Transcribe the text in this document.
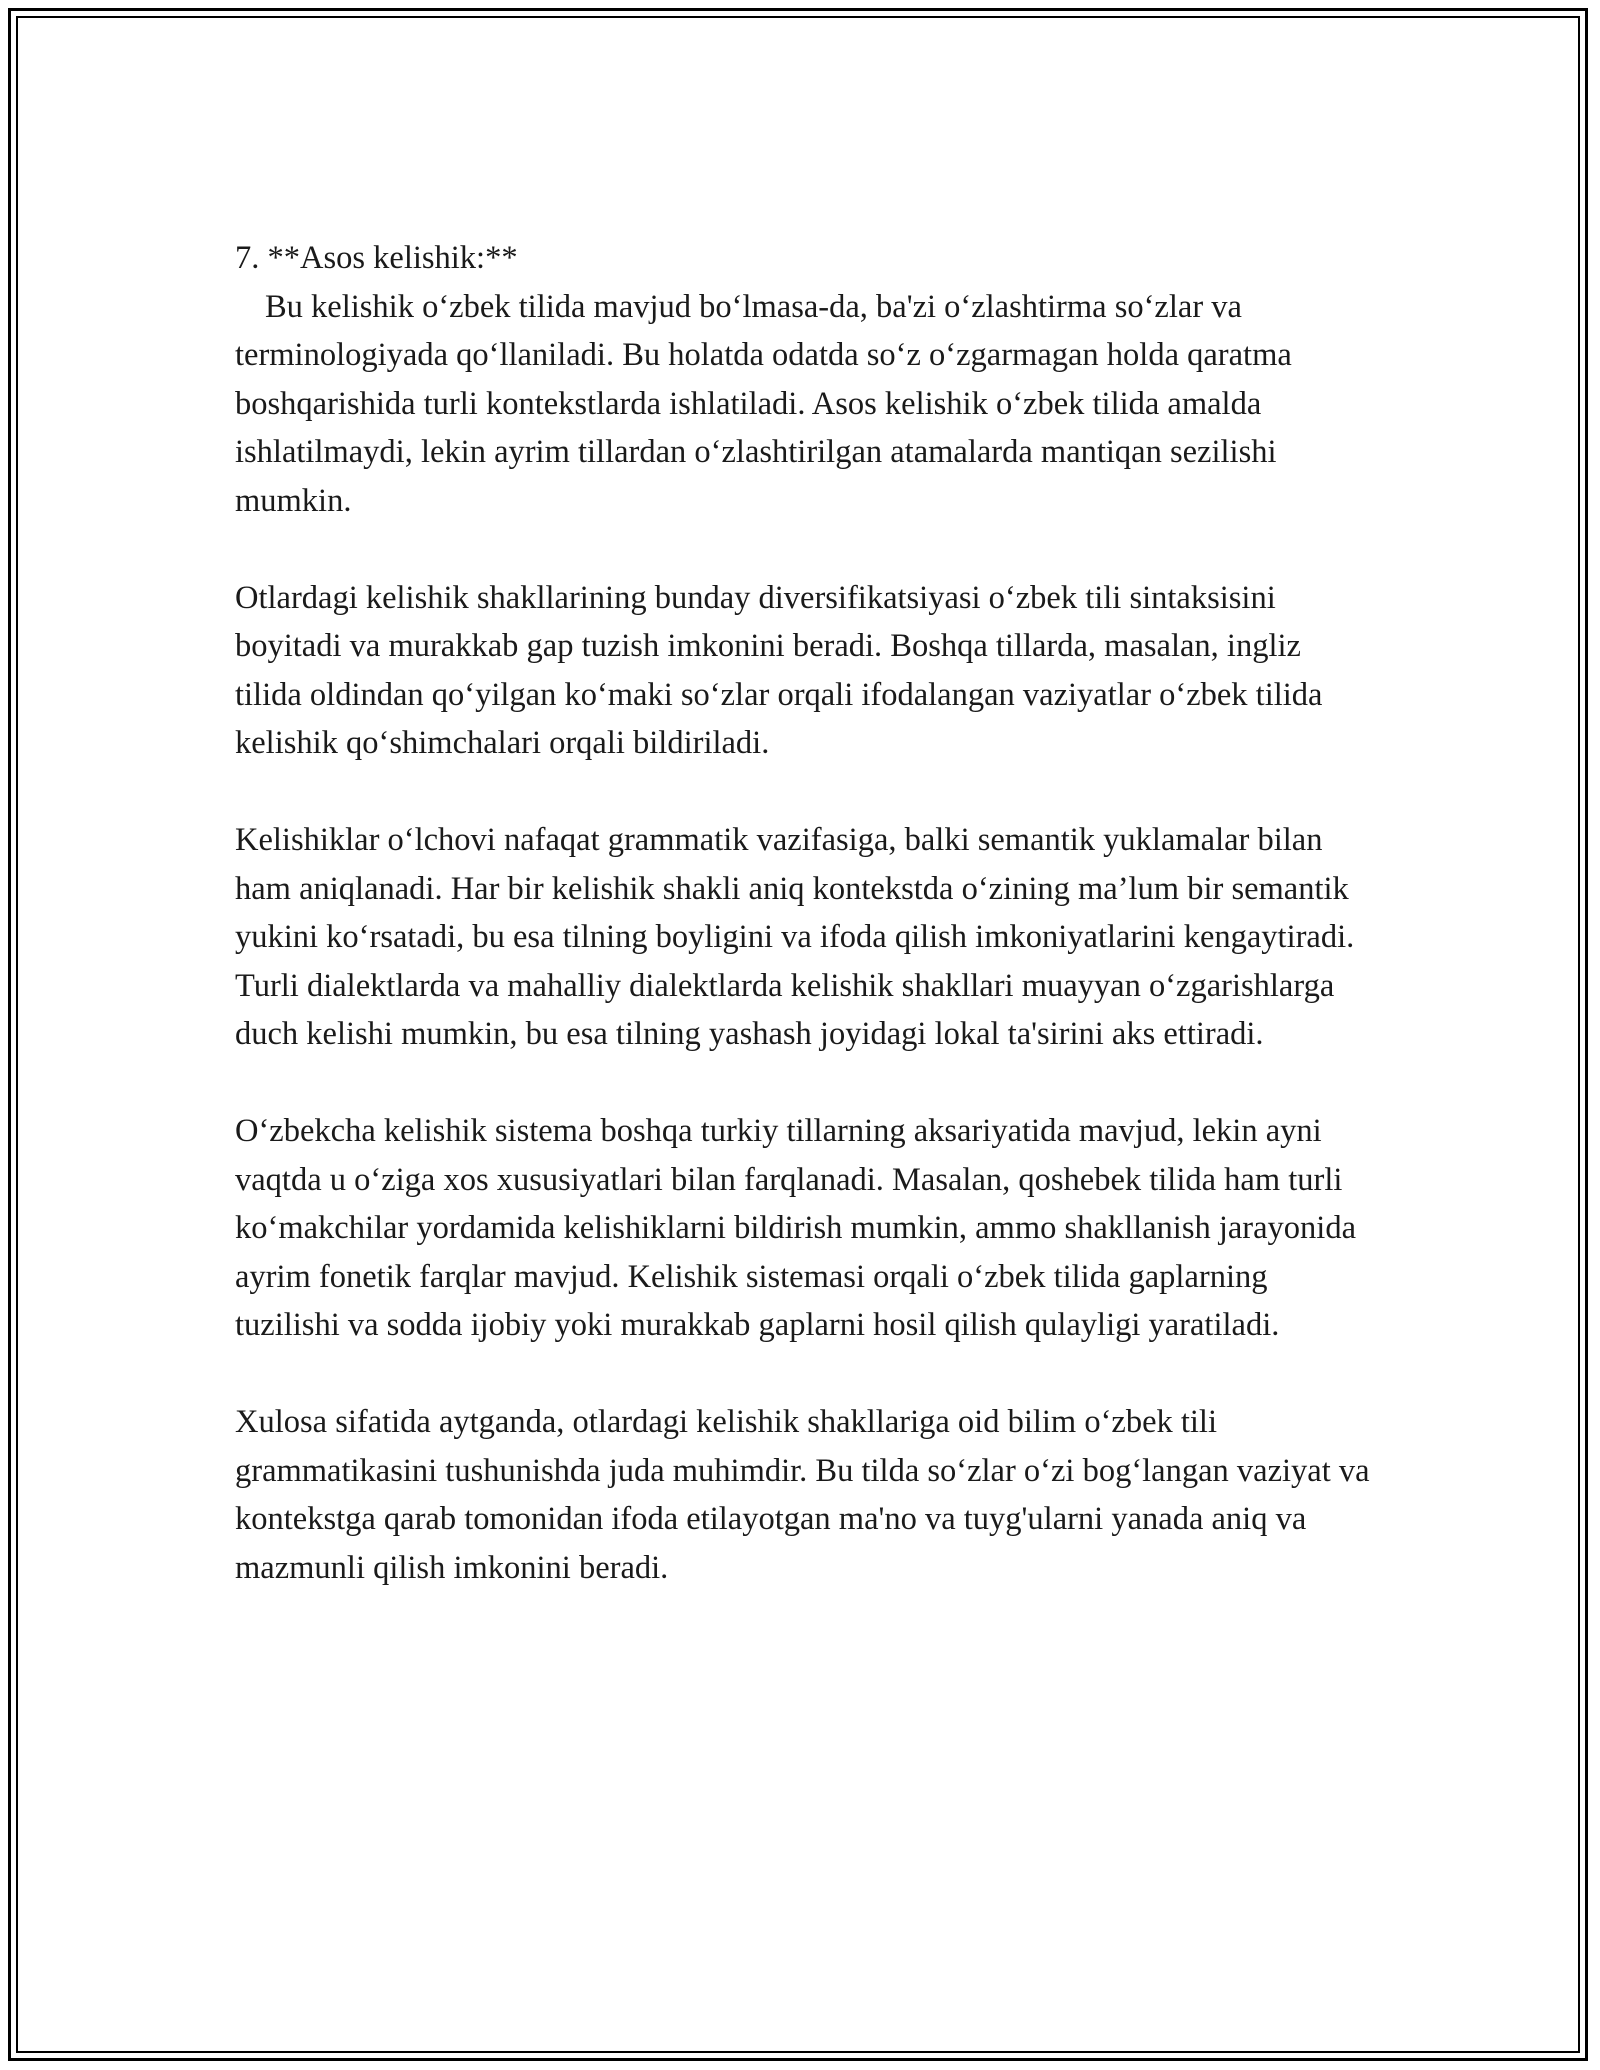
7. **Asos kelishik:**
Bu kelishik o‘zbek tilida mavjud bo‘lmasa-da, ba'zi o‘zlashtirma so‘zlar va terminologiyada qo‘llaniladi. Bu holatda odatda so‘z o‘zgarmagan holda qaratma boshqarishida turli kontekstlarda ishlatiladi. Asos kelishik o‘zbek tilida amalda ishlatilmaydi, lekin ayrim tillardan o‘zlashtirilgan atamalarda mantiqan sezilishi mumkin.

Otlardagi kelishik shakllarining bunday diversifikatsiyasi o‘zbek tili sintaksisini boyitadi va murakkab gap tuzish imkonini beradi. Boshqa tillarda, masalan, ingliz tilida oldindan qo‘yilgan ko‘maki so‘zlar orqali ifodalangan vaziyatlar o‘zbek tilida kelishik qo‘shimchalari orqali bildiriladi.

Kelishiklar o‘lchovi nafaqat grammatik vazifasiga, balki semantik yuklamalar bilan ham aniqlanadi. Har bir kelishik shakli aniq kontekstda o‘zining ma’lum bir semantik yukini ko‘rsatadi, bu esa tilning boyligini va ifoda qilish imkoniyatlarini kengaytiradi. Turli dialektlarda va mahalliy dialektlarda kelishik shakllari muayyan o‘zgarishlarga duch kelishi mumkin, bu esa tilning yashash joyidagi lokal ta'sirini aks ettiradi.

O‘zbekcha kelishik sistema boshqa turkiy tillarning aksariyatida mavjud, lekin ayni vaqtda u o‘ziga xos xususiyatlari bilan farqlanadi. Masalan, qoshebek tilida ham turli ko‘makchilar yordamida kelishiklarni bildirish mumkin, ammo shakllanish jarayonida ayrim fonetik farqlar mavjud. Kelishik sistemasi orqali o‘zbek tilida gaplarning tuzilishi va sodda ijobiy yoki murakkab gaplarni hosil qilish qulayligi yaratiladi.

Xulosa sifatida aytganda, otlardagi kelishik shakllariga oid bilim o‘zbek tili grammatikasini tushunishda juda muhimdir. Bu tilda so‘zlar o‘zi bog‘langan vaziyat va kontekstga qarab tomonidan ifoda etilayotgan ma'no va tuyg'ularni yanada aniq va mazmunli qilish imkonini beradi.
